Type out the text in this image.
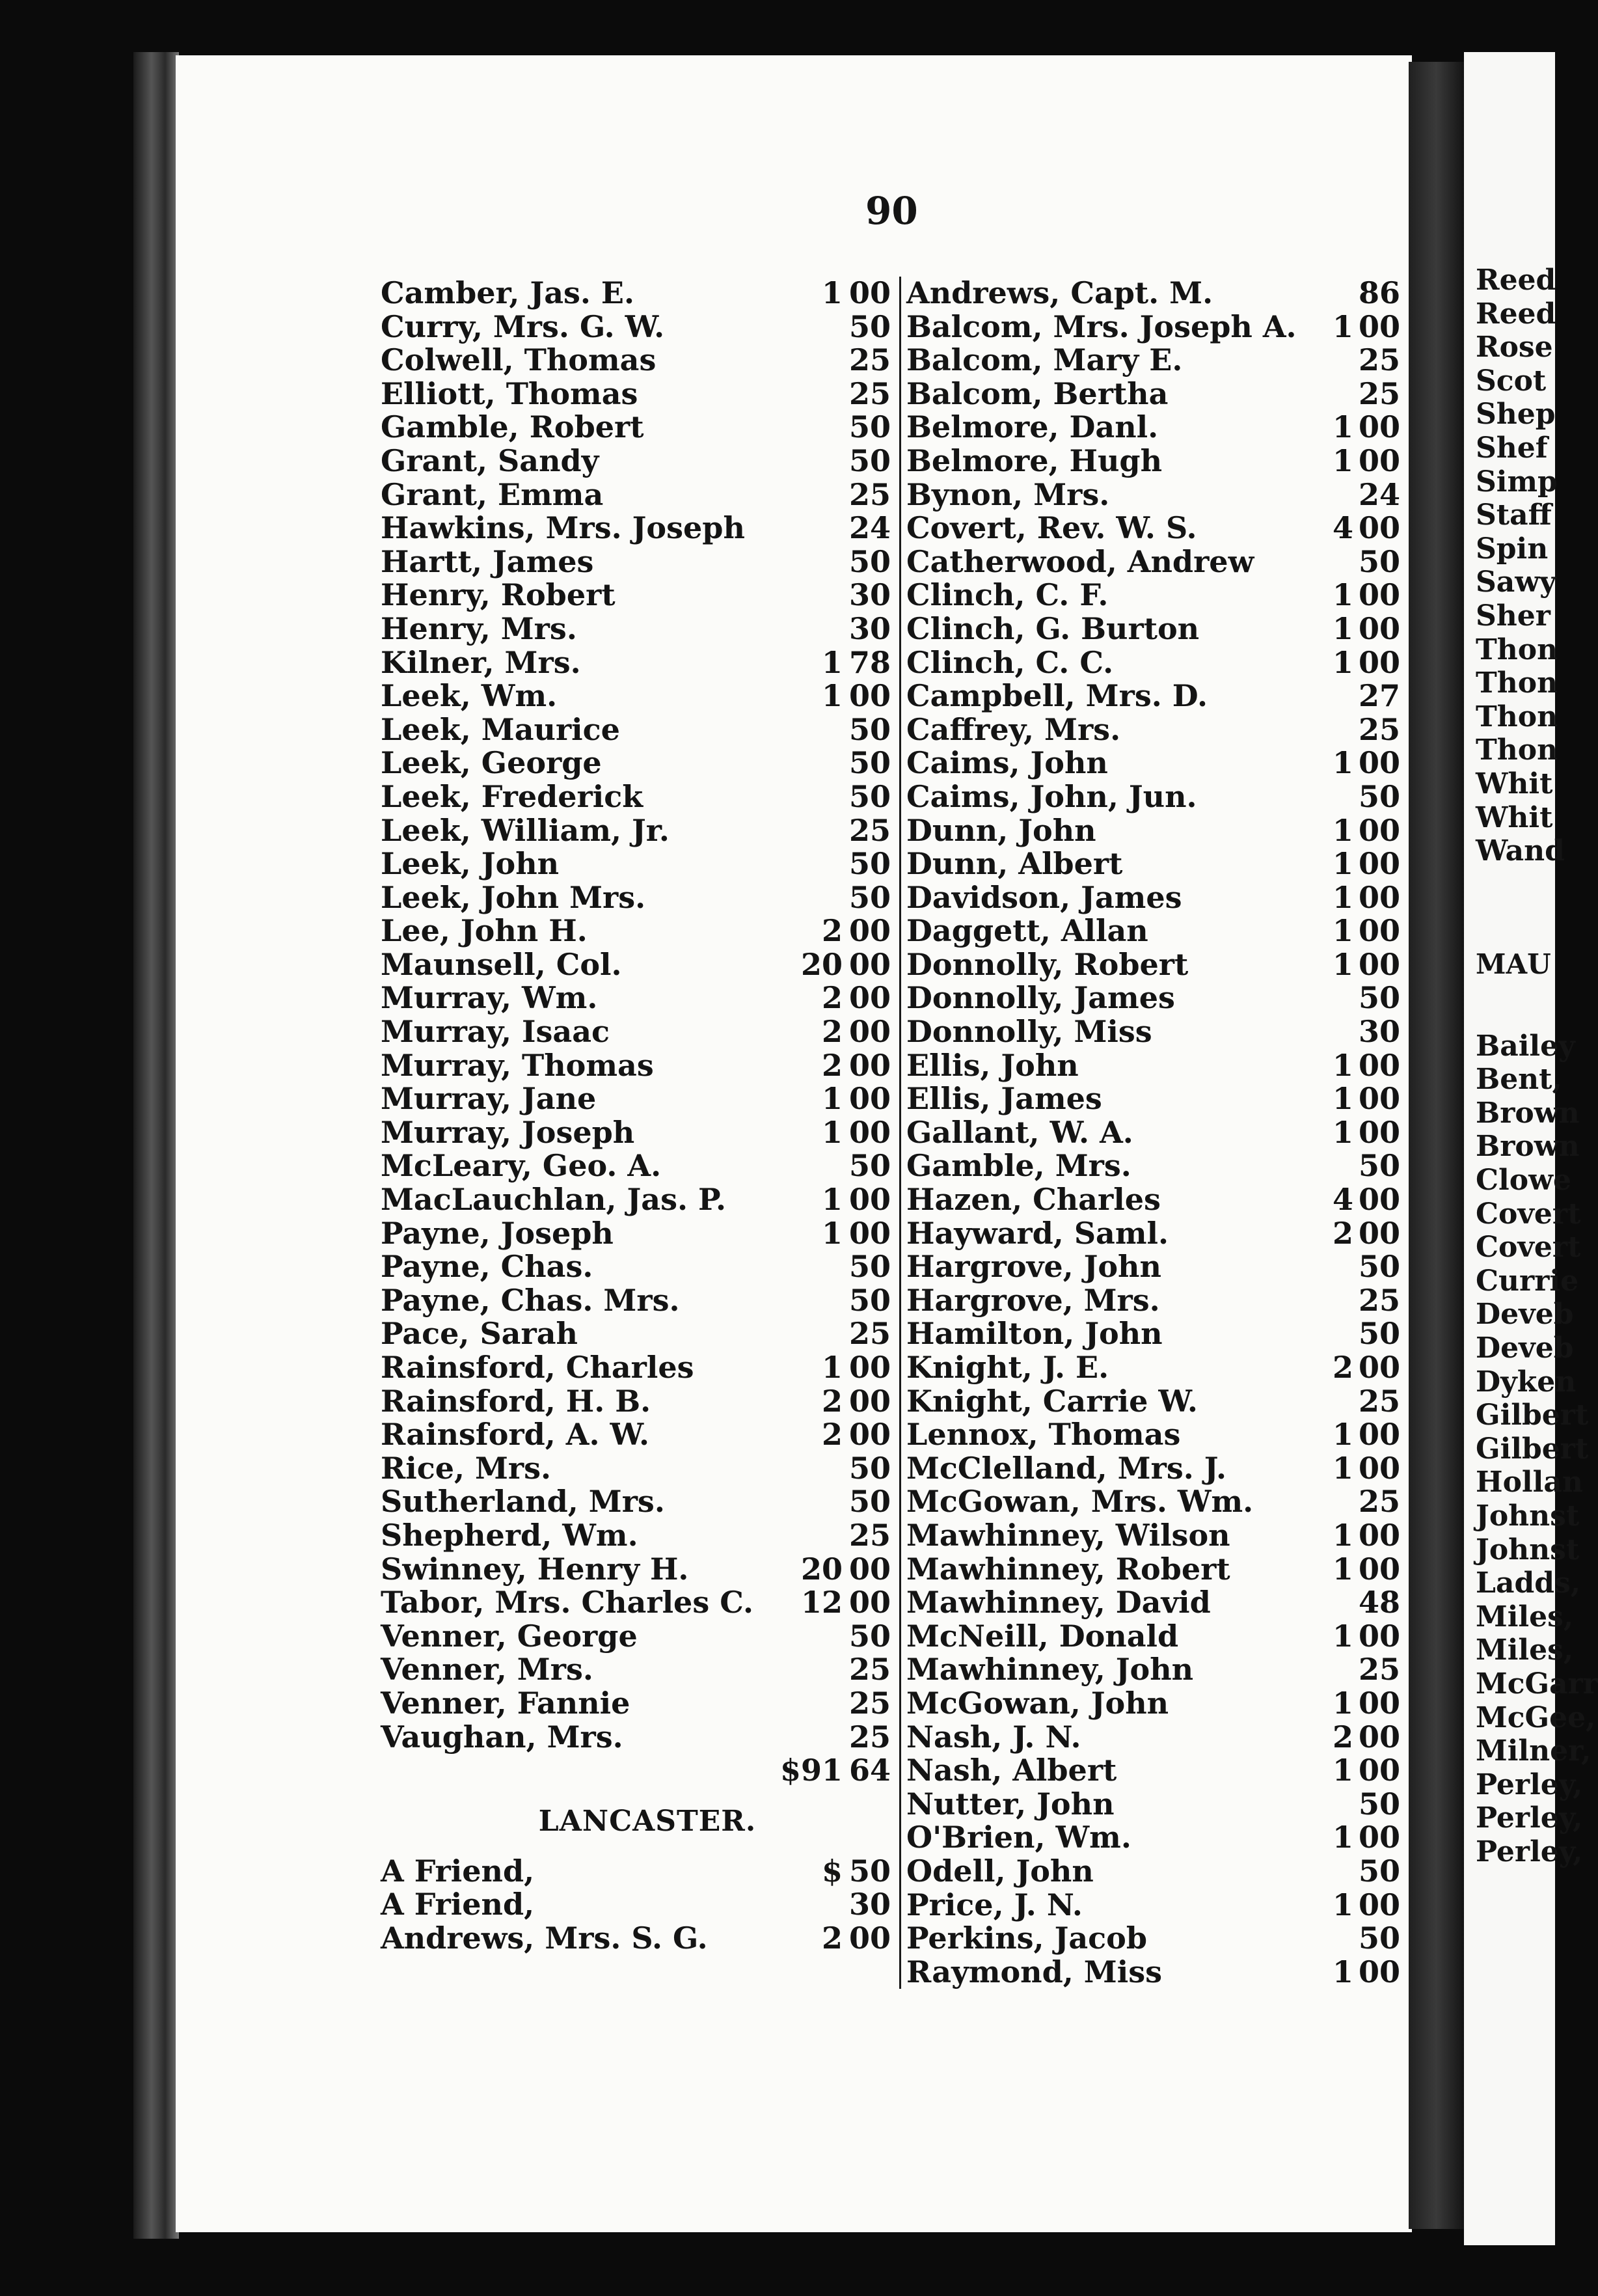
90
Camber, Jas. E.	1 00
Curry, Mrs. G. W.	50
Colwell, Thomas	25
Elliott, Thomas	25
Gamble, Robert	50
Grant, Sandy	50
Grant, Emma	25
Hawkins, Mrs. Joseph	24
Hartt, James	50
Henry, Robert	30
Henry, Mrs.	30
Kilner, Mrs.	1 78
Leek, Wm.	1 00
Leek, Maurice	50
Leek, George	50
Leek, Frederick	50
Leek, William, Jr.	25
Leek, John	50
Leek, John Mrs.	50
Lee, John H.	2 00
Maunsell, Col.	20 00
Murray, Wm.	2 00
Murray, Isaac	2 00
Murray, Thomas	2 00
Murray, Jane	1 00
Murray, Joseph	1 00
McLeary, Geo. A.	50
MacLauchlan, Jas. P.	1 00
Payne, Joseph	1 00
Payne, Chas.	50
Payne, Chas. Mrs.	50
Pace, Sarah	25
Rainsford, Charles	1 00
Rainsford, H. B.	2 00
Rainsford, A. W.	2 00
Rice, Mrs.	50
Sutherland, Mrs.	50
Shepherd, Wm.	25
Swinney, Henry H.	20 00
Tabor, Mrs. Charles C. 12 00
Venner, George	50
Venner, Mrs.	25
Venner, Fannie	25
Vaughan, Mrs.	25
$91 64
LANCASTER.
A Friend,	$ 50
A Friend,	30
Andrews, Mrs. S. G.	2 00
Andrews, Capt. M.	86
Balcom, Mrs. Joseph A. 1 00
Balcom, Mary E.	25
Balcom, Bertha	25
Belmore, Danl.	1 00
Belmore, Hugh	1 00
Bynon, Mrs.	24
Covert, Rev. W. S.	4 00
Catherwood, Andrew	50
Clinch, C. F.	1 00
Clinch, G. Burton	1 00
Clinch, C. C.	1 00
Campbell, Mrs. D.	27
Caffrey, Mrs.	25
Caims, John	1 00
Caims, John, Jun.	50
Dunn, John	1 00
Dunn, Albert	1 00
Davidson, James	1 00
Daggett, Allan	1 00
Donnolly, Robert	1 00
Donnolly, James	50
Donnolly, Miss	30
Ellis, John	1 00
Ellis, James	1 00
Gallant, W. A.	1 00
Gamble, Mrs.	50
Hazen, Charles	4 00
Hayward, Saml.	2 00
Hargrove, John	50
Hargrove, Mrs.	25
Hamilton, John	50
Knight, J. E.	2 00
Knight, Carrie W.	25
Lennox, Thomas	1 00
McClelland, Mrs. J.	1 00
McGowan, Mrs. Wm.	25
Mawhinney, Wilson	1 00
Mawhinney, Robert	1 00
Mawhinney, David	48
McNeill, Donald	1 00
Mawhinney, John	25
McGowan, John	1 00
Nash, J. N.	2 00
Nash, Albert	1 00
Nutter, John	50
O'Brien, Wm.	1 00
Odell, John	50
Price, J. N.	1 00
Perkins, Jacob	50
Raymond, Miss	1 00
Reed
Reed
Rose
Scot
Shep
Shef
Simp
Staff
Spin
Sawy
Sher
Thon
Thon
Thon
Thon
Whit
Whit
Wand
MAU
Bailey
Bent,
Brown
Brown
Clowe
Covert
Covert
Currie
Deveb
Deveb
Dyken
Gilbert
Gilbert
Hollan
Johnst
Johnst
Ladds,
Miles,
Miles,
McGarr
McGee,
Milner,
Perley,
Perley,
Perley,
